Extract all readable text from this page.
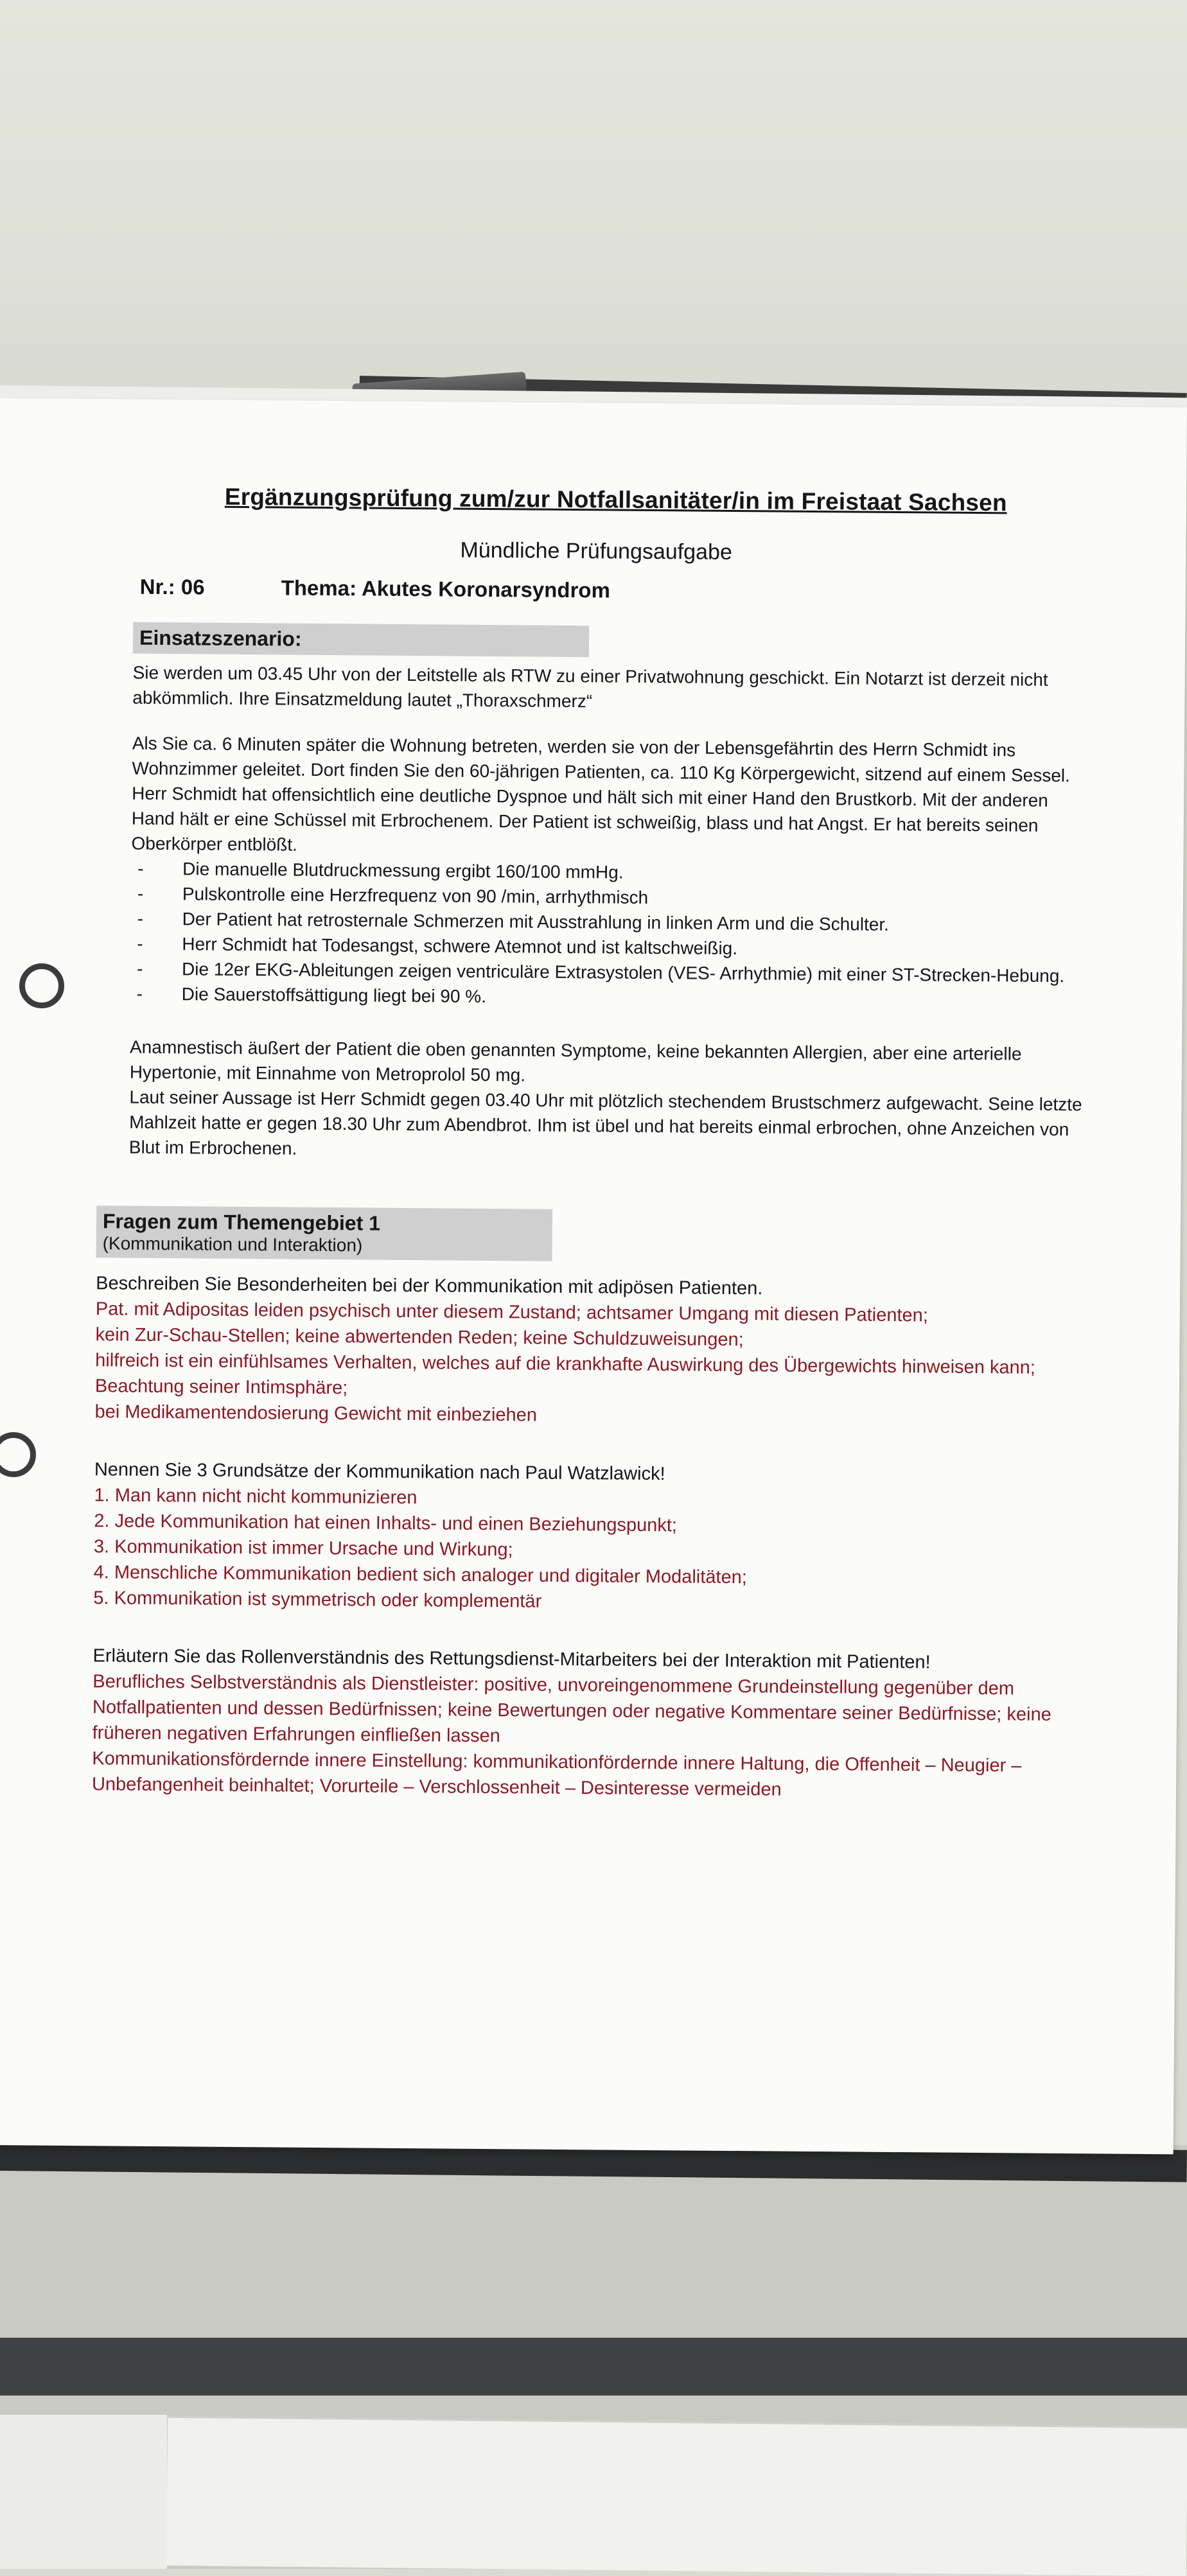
Ergänzungsprüfung zum/zur Notfallsanitäter/in im Freistaat Sachsen
Mündliche Prüfungsaufgabe
Nr.: 06	Thema: Akutes Koronarsyndrom
Einsatzszenario:

Sie werden um 03.45 Uhr von der Leitstelle als RTW zu einer Privatwohnung geschickt. Ein Notarzt ist derzeit nicht abkömmlich. Ihre Einsatzmeldung lautet „Thoraxschmerz“

Als Sie ca. 6 Minuten später die Wohnung betreten, werden sie von der Lebensgefährtin des Herrn Schmidt ins Wohnzimmer geleitet. Dort finden Sie den 60-jährigen Patienten, ca. 110 Kg Körpergewicht, sitzend auf einem Sessel. Herr Schmidt hat offensichtlich eine deutliche Dyspnoe und hält sich mit einer Hand den Brustkorb. Mit der anderen Hand hält er eine Schüssel mit Erbrochenem. Der Patient ist schweißig, blass und hat Angst. Er hat bereits seinen Oberkörper entblößt.

- Die manuelle Blutdruckmessung ergibt 160/100 mmHg.
- Pulskontrolle eine Herzfrequenz von 90 /min, arrhythmisch
- Der Patient hat retrosternale Schmerzen mit Ausstrahlung in linken Arm und die Schulter.
- Herr Schmidt hat Todesangst, schwere Atemnot und ist kaltschweißig.
- Die 12er EKG-Ableitungen zeigen ventriculäre Extrasystolen (VES- Arrhythmie) mit einer ST-Strecken-Hebung.
- Die Sauerstoffsättigung liegt bei 90 %.

Anamnestisch äußert der Patient die oben genannten Symptome, keine bekannten Allergien, aber eine arterielle Hypertonie, mit Einnahme von Metroprolol 50 mg.

Laut seiner Aussage ist Herr Schmidt gegen 03.40 Uhr mit plötzlich stechendem Brustschmerz aufgewacht. Seine letzte Mahlzeit hatte er gegen 18.30 Uhr zum Abendbrot. Ihm ist übel und hat bereits einmal erbrochen, ohne Anzeichen von Blut im Erbrochenen.

Fragen zum Themengebiet 1
(Kommunikation und Interaktion)

Beschreiben Sie Besonderheiten bei der Kommunikation mit adipösen Patienten.

Pat. mit Adipositas leiden psychisch unter diesem Zustand; achtsamer Umgang mit diesen Patienten;

kein Zur-Schau-Stellen; keine abwertenden Reden; keine Schuldzuweisungen;

hilfreich ist ein einfühlsames Verhalten, welches auf die krankhafte Auswirkung des Übergewichts hinweisen kann; Beachtung seiner Intimsphäre;

bei Medikamentendosierung Gewicht mit einbeziehen

Nennen Sie 3 Grundsätze der Kommunikation nach Paul Watzlawick!

1. Man kann nicht nicht kommunizieren
2. Jede Kommunikation hat einen Inhalts- und einen Beziehungspunkt;
3. Kommunikation ist immer Ursache und Wirkung;
4. Menschliche Kommunikation bedient sich analoger und digitaler Modalitäten;
5. Kommunikation ist symmetrisch oder komplementär

Erläutern Sie das Rollenverständnis des Rettungsdienst-Mitarbeiters bei der Interaktion mit Patienten!

Berufliches Selbstverständnis als Dienstleister: positive, unvoreingenommene Grundeinstellung gegenüber dem Notfallpatienten und dessen Bedürfnissen; keine Bewertungen oder negative Kommentare seiner Bedürfnisse; keine früheren negativen Erfahrungen einfließen lassen

Kommunikationsfördernde innere Einstellung: kommunikationfördernde innere Haltung, die Offenheit – Neugier – Unbefangenheit beinhaltet; Vorurteile – Verschlossenheit – Desinteresse vermeiden
